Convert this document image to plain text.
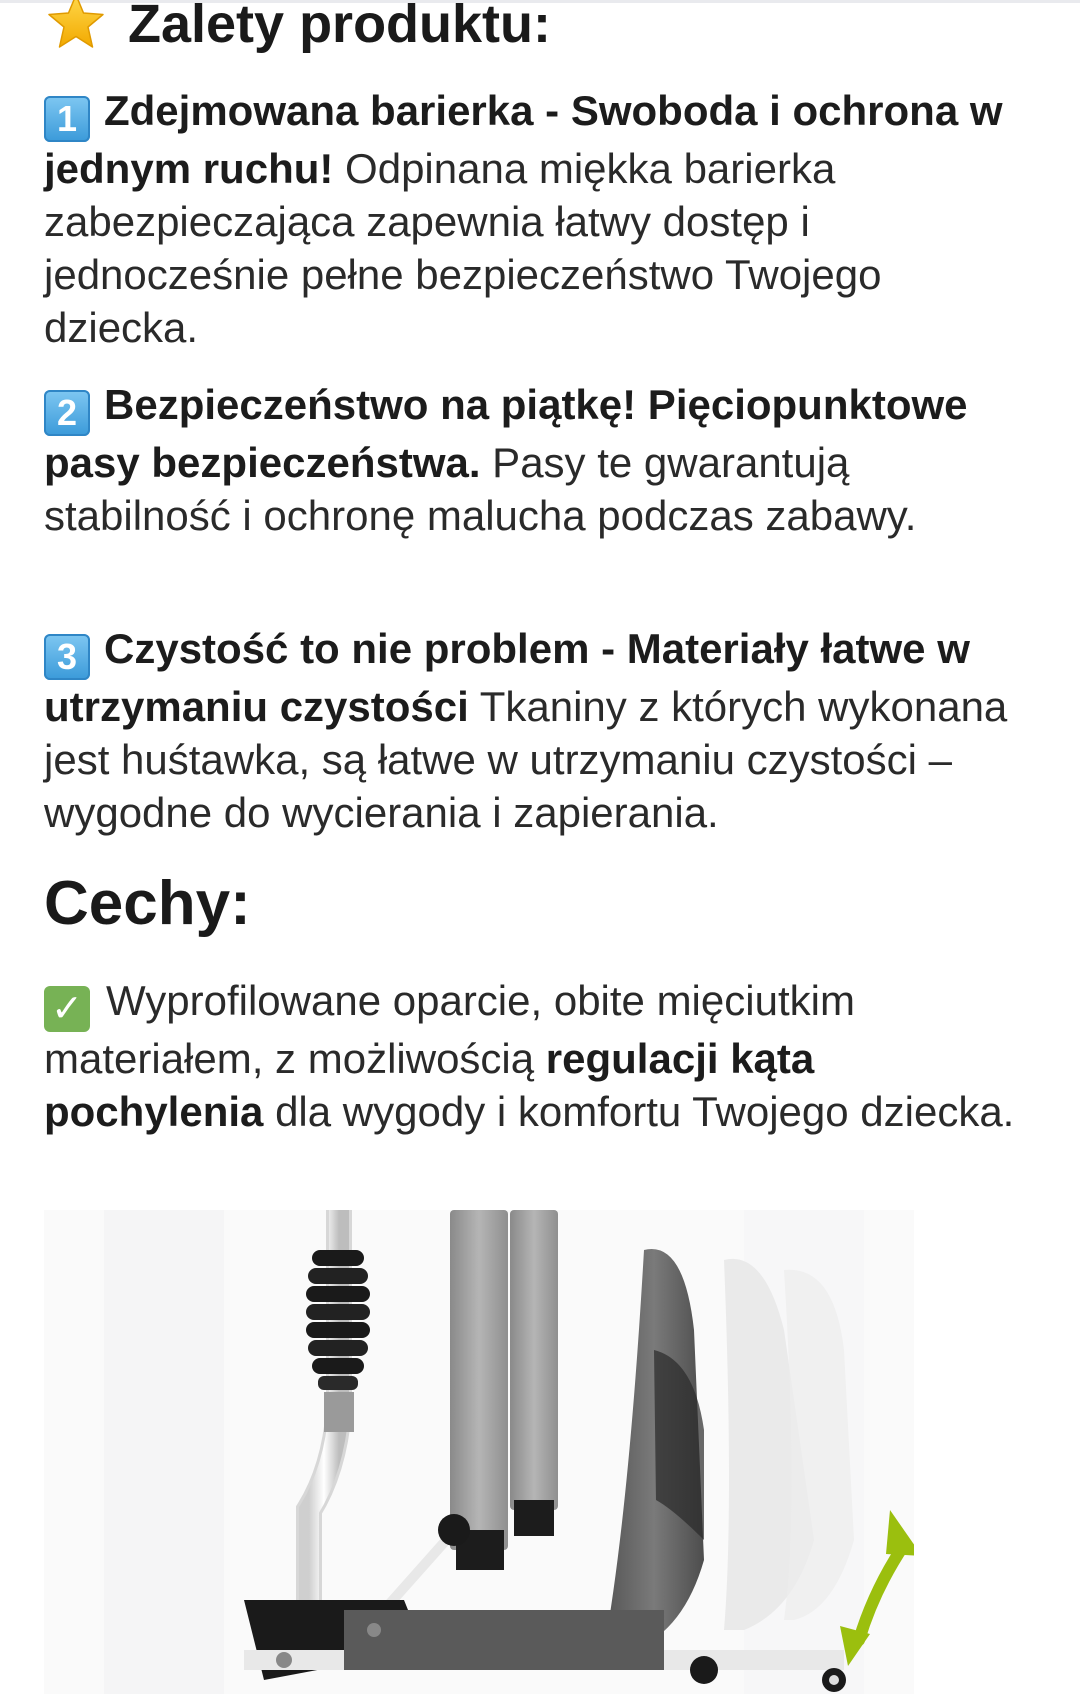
Zalety produktu:
1 Zdejmowana barierka - Swoboda i ochrona w jednym ruchu! Odpinana miękka barierka zabezpieczająca zapewnia łatwy dostęp i jednocześnie pełne bezpieczeństwo Twojego dziecka.
2 Bezpieczeństwo na piątkę! Pięciopunktowe pasy bezpieczeństwa. Pasy te gwarantują stabilność i ochronę malucha podczas zabawy.
3 Czystość to nie problem - Materiały łatwe w utrzymaniu czystości Tkaniny z których wykonana jest huśtawka, są łatwe w utrzymaniu czystości – wygodne do wycierania i zapierania.
Cechy:
✓ Wyprofilowane oparcie, obite mięciutkim materiałem, z możliwością regulacji kąta pochylenia dla wygody i komfortu Twojego dziecka.
